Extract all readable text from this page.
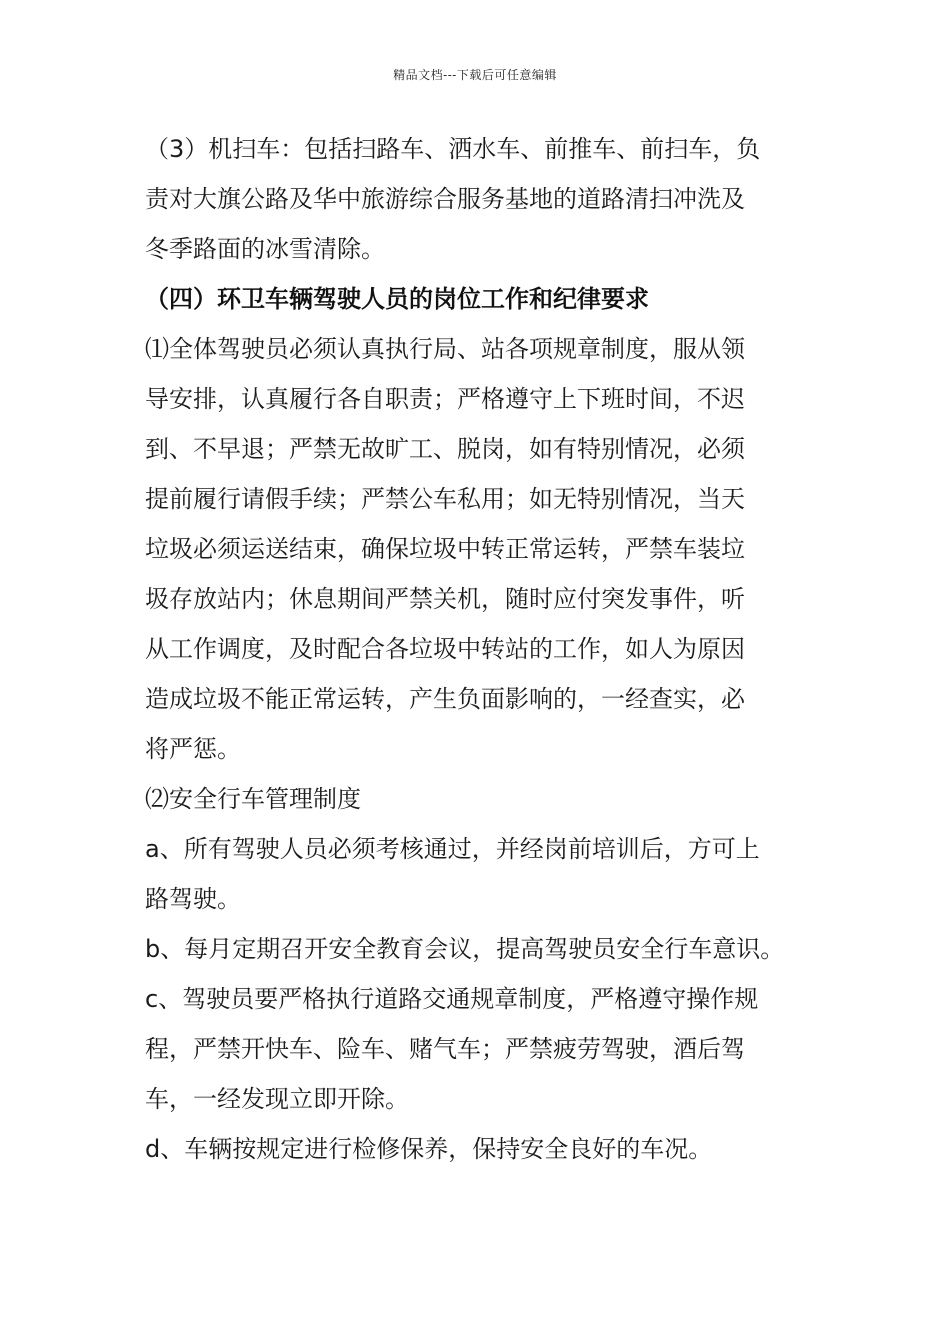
精品文档---下载后可任意编辑
（3）机扫车：包括扫路车、洒水车、前推车、前扫车，负
责对大旗公路及华中旅游综合服务基地的道路清扫冲洗及
冬季路面的冰雪清除。
（四）环卫车辆驾驶人员的岗位工作和纪律要求
⑴全体驾驶员必须认真执行局、站各项规章制度，服从领
导安排，认真履行各自职责；严格遵守上下班时间，不迟
到、不早退；严禁无故旷工、脱岗，如有特别情况，必须
提前履行请假手续；严禁公车私用；如无特别情况，当天
垃圾必须运送结束，确保垃圾中转正常运转，严禁车装垃
圾存放站内；休息期间严禁关机，随时应付突发事件，听
从工作调度，及时配合各垃圾中转站的工作，如人为原因
造成垃圾不能正常运转，产生负面影响的，一经查实，必
将严惩。
⑵安全行车管理制度
a、所有驾驶人员必须考核通过，并经岗前培训后，方可上
路驾驶。
b、每月定期召开安全教育会议，提高驾驶员安全行车意识。
c、驾驶员要严格执行道路交通规章制度，严格遵守操作规
程，严禁开快车、险车、赌气车；严禁疲劳驾驶，酒后驾
车，一经发现立即开除。
d、车辆按规定进行检修保养，保持安全良好的车况。
